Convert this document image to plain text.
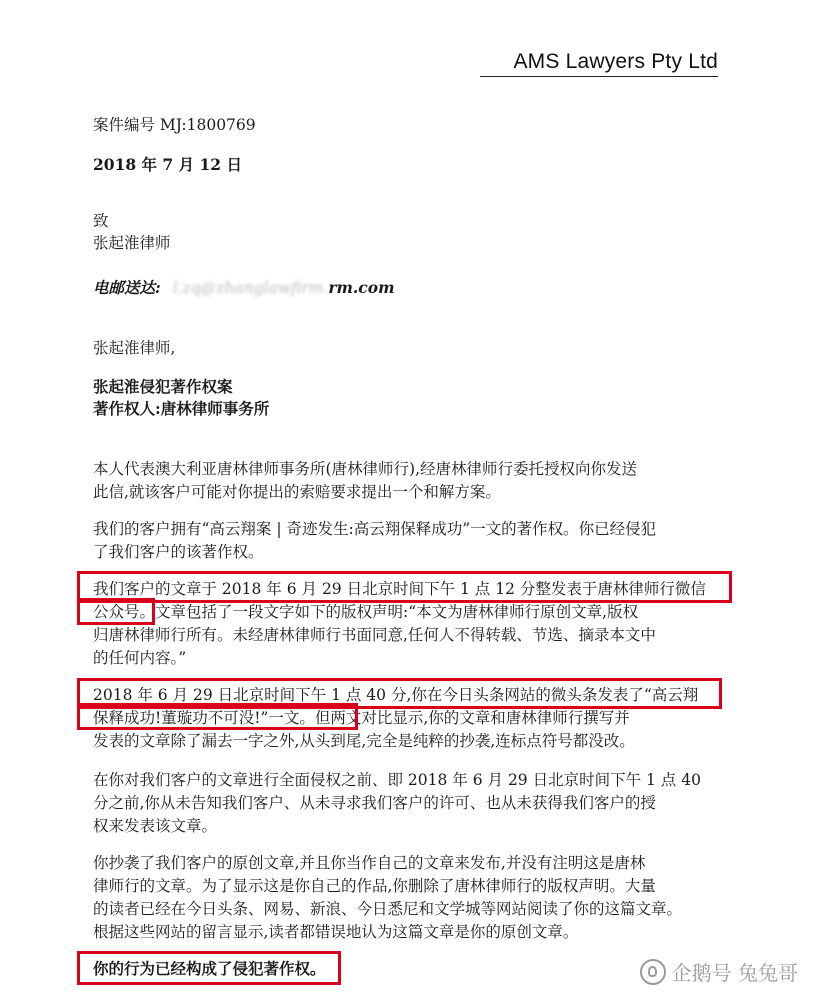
AMS Lawyers Pty Ltd
案件编号 MJ:1800769
2018 年 7 月 12 日
致
张起淮律师
电邮送达: l.zq@zhanglawfirm.rm.com
张起淮律师,
张起淮侵犯著作权案
著作权人:唐林律师事务所
本人代表澳大利亚唐林律师事务所(唐林律师行),经唐林律师行委托授权向你发送
此信,就该客户可能对你提出的索赔要求提出一个和解方案。
我们的客户拥有“高云翔案 | 奇迹发生:高云翔保释成功”一文的著作权。你已经侵犯
了我们客户的该著作权。
我们客户的文章于 2018 年 6 月 29 日北京时间下午 1 点 12 分整发表于唐林律师行微信
公众号。文章包括了一段文字如下的版权声明:“本文为唐林律师行原创文章,版权
归唐林律师行所有。未经唐林律师行书面同意,任何人不得转载、节选、摘录本文中
的任何内容。”
2018 年 6 月 29 日北京时间下午 1 点 40 分,你在今日头条网站的微头条发表了“高云翔
保释成功!董璇功不可没!”一文。但两文对比显示,你的文章和唐林律师行撰写并
发表的文章除了漏去一字之外,从头到尾,完全是纯粹的抄袭,连标点符号都没改。
在你对我们客户的文章进行全面侵权之前、即 2018 年 6 月 29 日北京时间下午 1 点 40
分之前,你从未告知我们客户、从未寻求我们客户的许可、也从未获得我们客户的授
权来发表该文章。
你抄袭了我们客户的原创文章,并且你当作自己的文章来发布,并没有注明这是唐林
律师行的文章。为了显示这是你自己的作品,你删除了唐林律师行的版权声明。大量
的读者已经在今日头条、网易、新浪、今日悉尼和文学城等网站阅读了你的这篇文章。
根据这些网站的留言显示,读者都错误地认为这篇文章是你的原创文章。
你的行为已经构成了侵犯著作权。	企鹅号 兔兔哥
